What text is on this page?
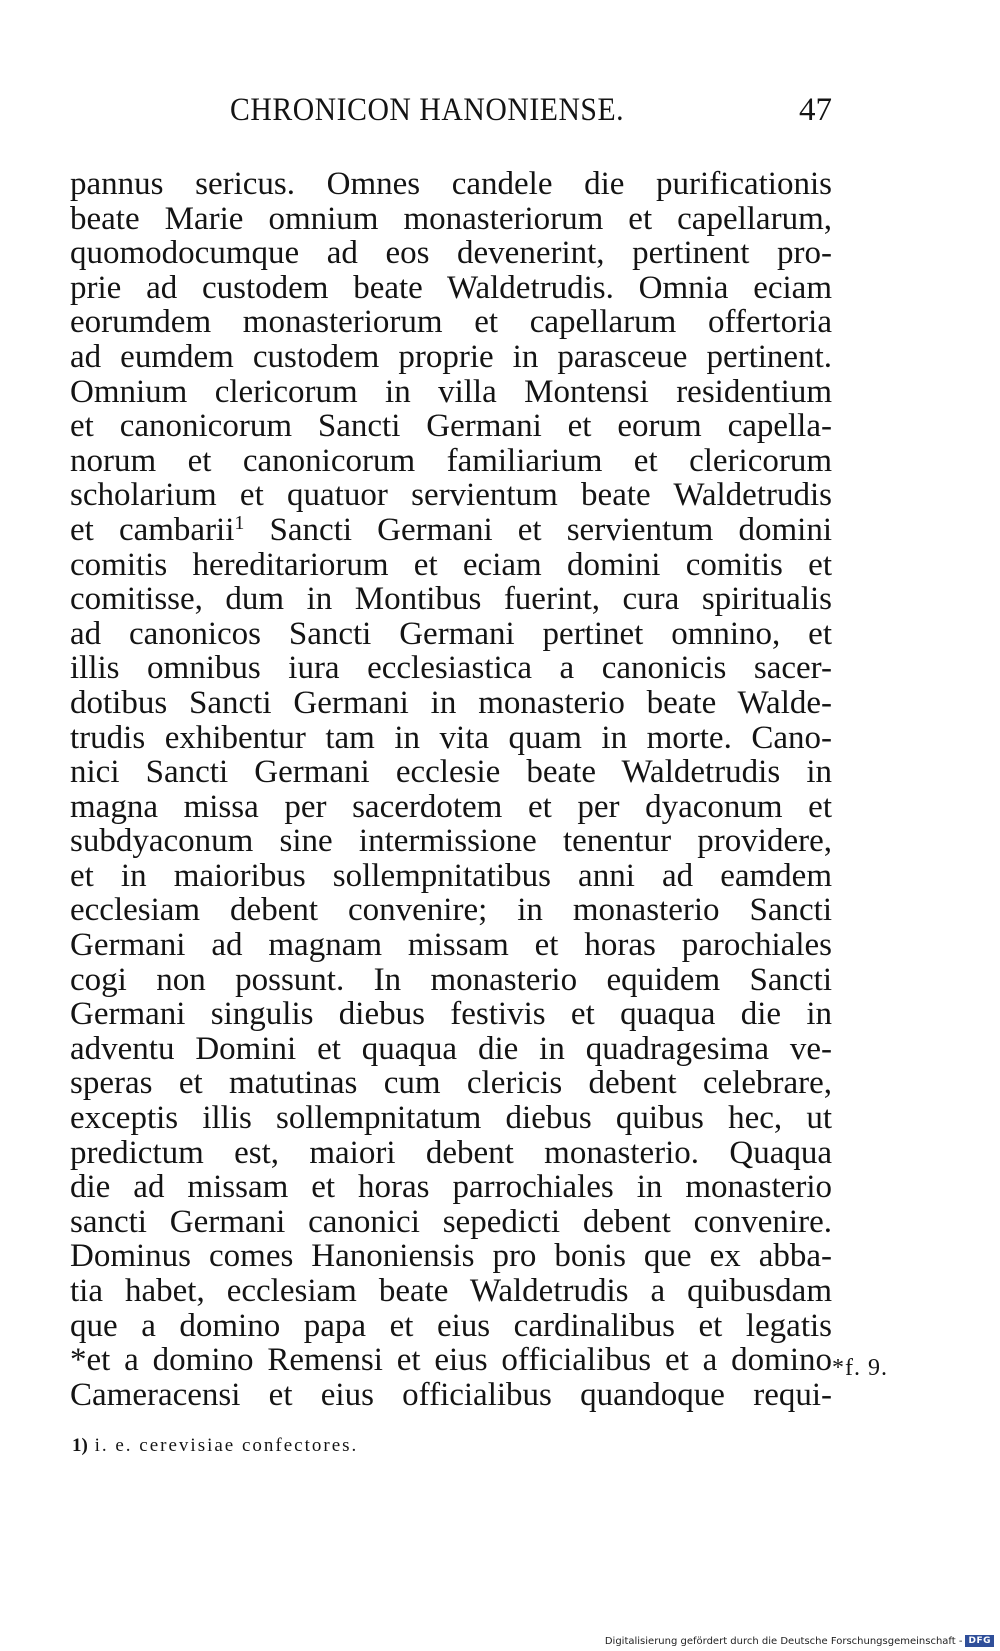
CHRONICON HANONIENSE.	47
pannus sericus. Omnes candele die purificationis
beate Marie omnium monasteriorum et capellarum,
quomodocumque ad eos devenerint, pertinent pro-
prie ad custodem beate Waldetrudis. Omnia eciam
eorumdem monasteriorum et capellarum offertoria
ad eumdem custodem proprie in parasceue pertinent.
Omnium clericorum in villa Montensi residentium
et canonicorum Sancti Germani et eorum capella-
norum et canonicorum familiarium et clericorum
scholarium et quatuor servientum beate Waldetrudis
et cambarii$^1$ Sancti Germani et servientum domini
comitis hereditariorum et eciam domini comitis et
comitisse, dum in Montibus fuerint, cura spiritualis
ad canonicos Sancti Germani pertinet omnino, et
illis omnibus iura ecclesiastica a canonicis sacer-
dotibus Sancti Germani in monasterio beate Walde-
trudis exhibentur tam in vita quam in morte. Cano-
nici Sancti Germani ecclesie beate Waldetrudis in
magna missa per sacerdotem et per dyaconum et
subdyaconum sine intermissione tenentur providere,
et in maioribus sollempnitatibus anni ad eamdem
ecclesiam debent convenire; in monasterio Sancti
Germani ad magnam missam et horas parochiales
cogi non possunt. In monasterio equidem Sancti
Germani singulis diebus festivis et quaqua die in
adventu Domini et quaqua die in quadragesima ve-
speras et matutinas cum clericis debent celebrare,
exceptis illis sollempnitatum diebus quibus hec, ut
predictum est, maiori debent monasterio. Quaqua
die ad missam et horas parrochiales in monasterio
sancti Germani canonici sepedicti debent convenire.
Dominus comes Hanoniensis pro bonis que ex abba-
tia habet, ecclesiam beate Waldetrudis a quibusdam
que a domino papa et eius cardinalibus et legatis
*et a domino Remensi et eius officialibus et a domino
Cameracensi et eius officialibus quandoque requi-
*f. 9.
1) i. e. cerevisiae confectores.
Digitalisierung gefördert durch die Deutsche Forschungsgemeinschaft - DFG
